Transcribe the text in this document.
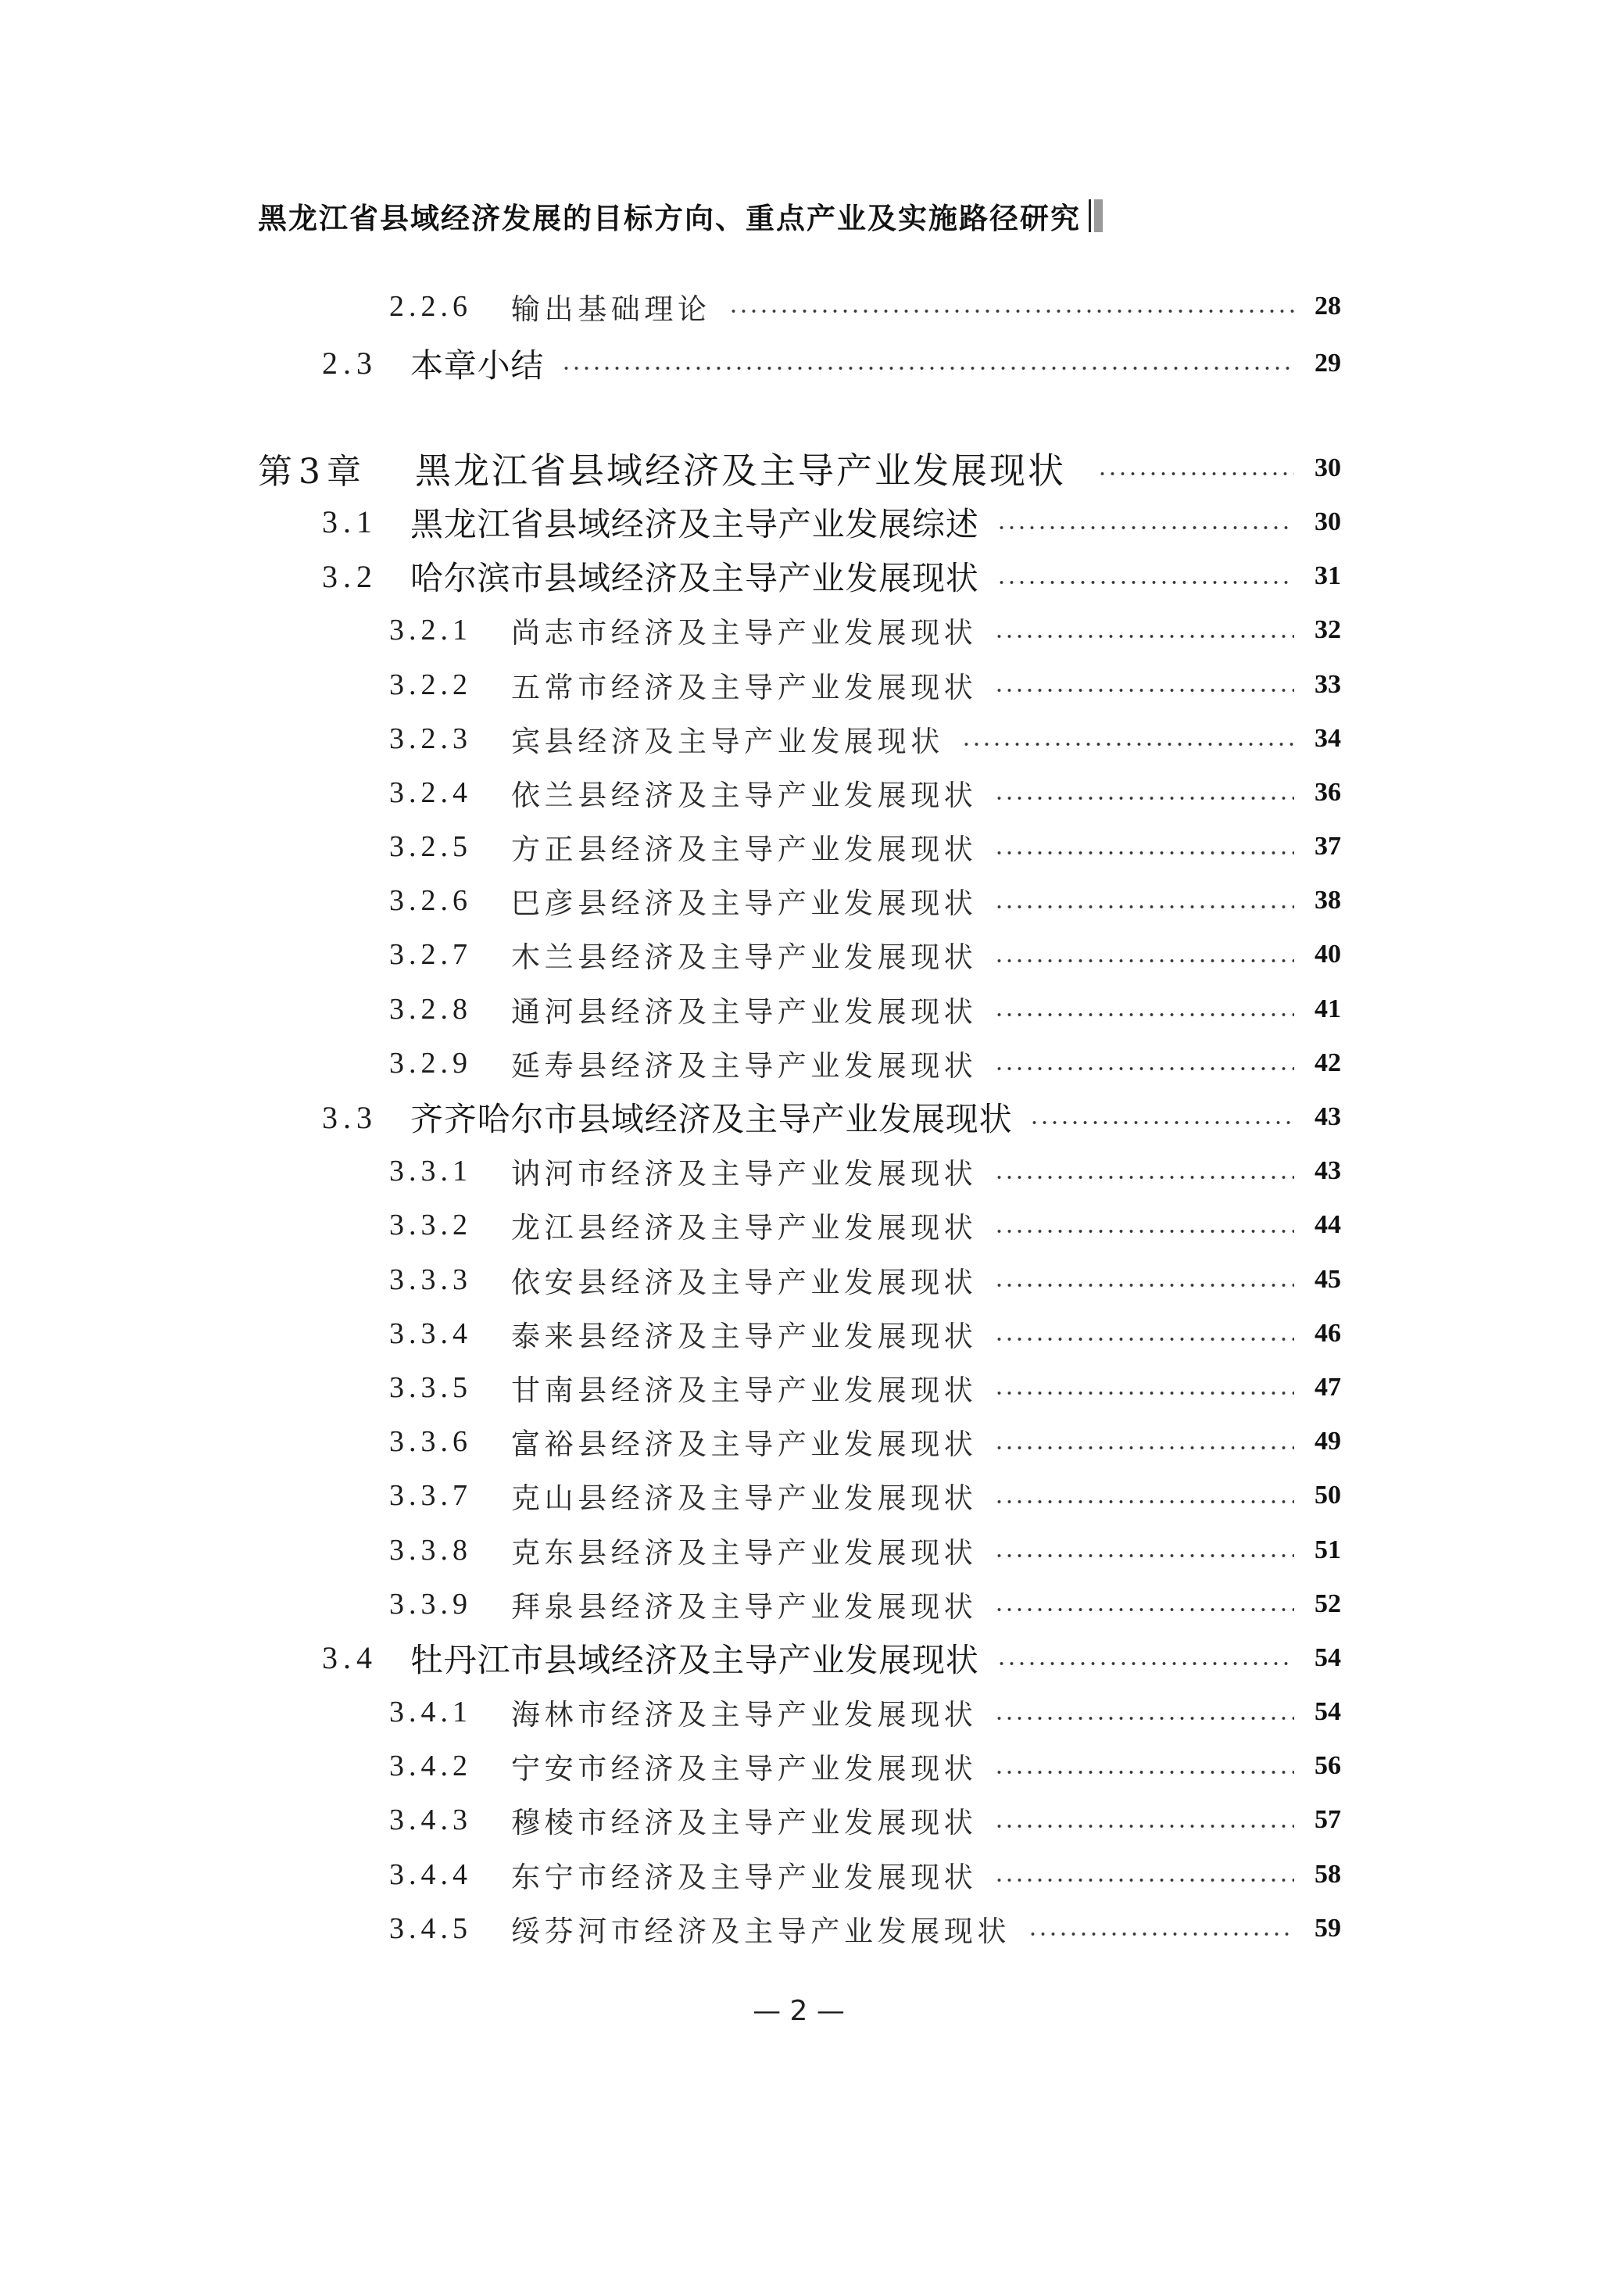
黑龙江省县域经济发展的目标方向、重点产业及实施路径研究
2.2.6	输出基础理论	28
2.3	本章小结	29
第3章	黑龙江省县域经济及主导产业发展现状	30
3.1	黑龙江省县域经济及主导产业发展综述	30
3.2	哈尔滨市县域经济及主导产业发展现状	31
3.2.1	尚志市经济及主导产业发展现状	32
3.2.2	五常市经济及主导产业发展现状	33
3.2.3	宾县经济及主导产业发展现状	34
3.2.4	依兰县经济及主导产业发展现状	36
3.2.5	方正县经济及主导产业发展现状	37
3.2.6	巴彦县经济及主导产业发展现状	38
3.2.7	木兰县经济及主导产业发展现状	40
3.2.8	通河县经济及主导产业发展现状	41
3.2.9	延寿县经济及主导产业发展现状	42
3.3	齐齐哈尔市县域经济及主导产业发展现状	43
3.3.1	讷河市经济及主导产业发展现状	43
3.3.2	龙江县经济及主导产业发展现状	44
3.3.3	依安县经济及主导产业发展现状	45
3.3.4	泰来县经济及主导产业发展现状	46
3.3.5	甘南县经济及主导产业发展现状	47
3.3.6	富裕县经济及主导产业发展现状	49
3.3.7	克山县经济及主导产业发展现状	50
3.3.8	克东县经济及主导产业发展现状	51
3.3.9	拜泉县经济及主导产业发展现状	52
3.4	牡丹江市县域经济及主导产业发展现状	54
3.4.1	海林市经济及主导产业发展现状	54
3.4.2	宁安市经济及主导产业发展现状	56
3.4.3	穆棱市经济及主导产业发展现状	57
3.4.4	东宁市经济及主导产业发展现状	58
3.4.5	绥芬河市经济及主导产业发展现状	59
— 2 —
